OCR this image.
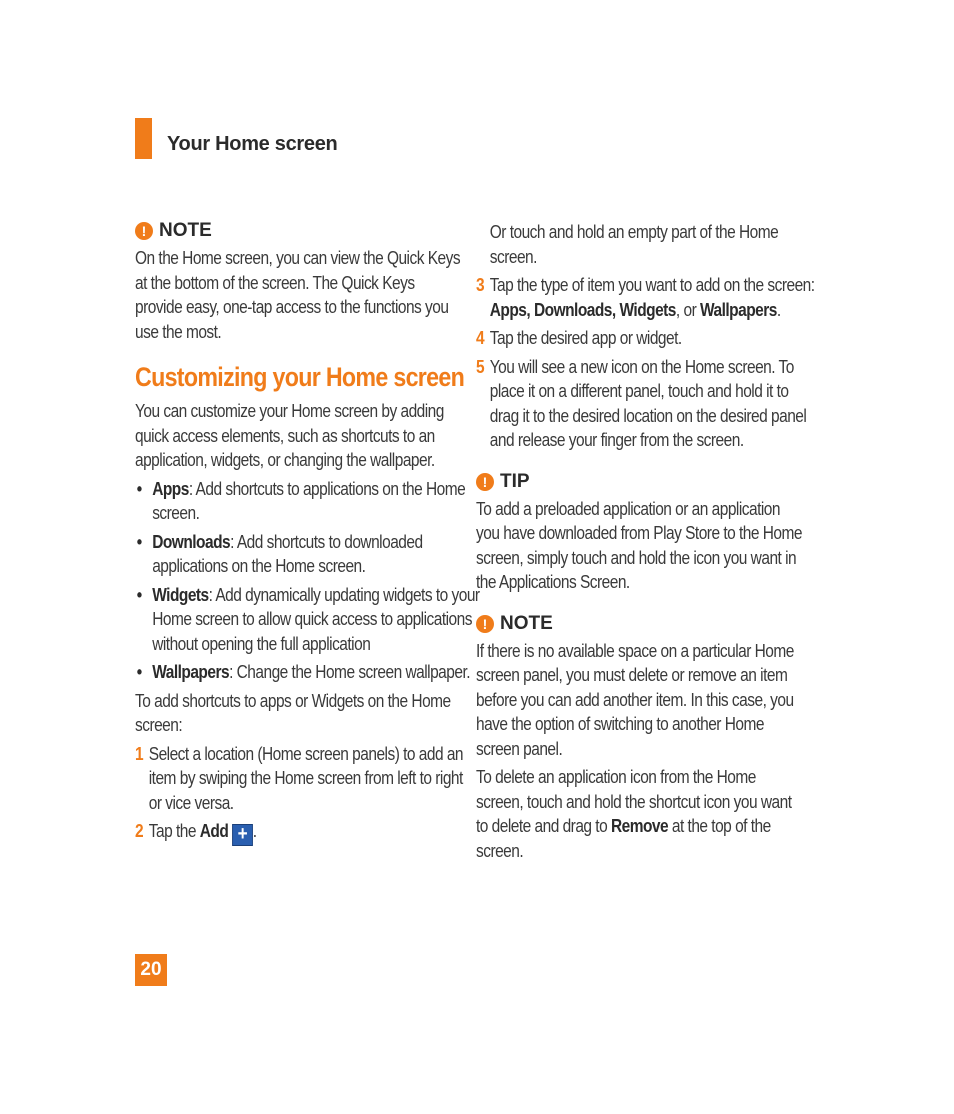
Your Home screen
! NOTE
On the Home screen, you can view the Quick Keys at the bottom of the screen. The Quick Keys provide easy, one-tap access to the functions you use the most.
Customizing your Home screen
You can customize your Home screen by adding quick access elements, such as shortcuts to an application, widgets, or changing the wallpaper.
• Apps: Add shortcuts to applications on the Home screen.
• Downloads: Add shortcuts to downloaded applications on the Home screen.
• Widgets: Add dynamically updating widgets to your Home screen to allow quick access to applications without opening the full application
• Wallpapers: Change the Home screen wallpaper.
To add shortcuts to apps or Widgets on the Home screen:
1 Select a location (Home screen panels) to add an item by swiping the Home screen from left to right or vice versa.
2 Tap the Add + .
Or touch and hold an empty part of the Home screen.
3 Tap the type of item you want to add on the screen: Apps, Downloads, Widgets, or Wallpapers.
4 Tap the desired app or widget.
5 You will see a new icon on the Home screen. To place it on a different panel, touch and hold it to drag it to the desired location on the desired panel and release your finger from the screen.
! TIP
To add a preloaded application or an application you have downloaded from Play Store to the Home screen, simply touch and hold the icon you want in the Applications Screen.
! NOTE
If there is no available space on a particular Home screen panel, you must delete or remove an item before you can add another item. In this case, you have the option of switching to another Home screen panel.
To delete an application icon from the Home screen, touch and hold the shortcut icon you want to delete and drag to Remove at the top of the screen.
20
